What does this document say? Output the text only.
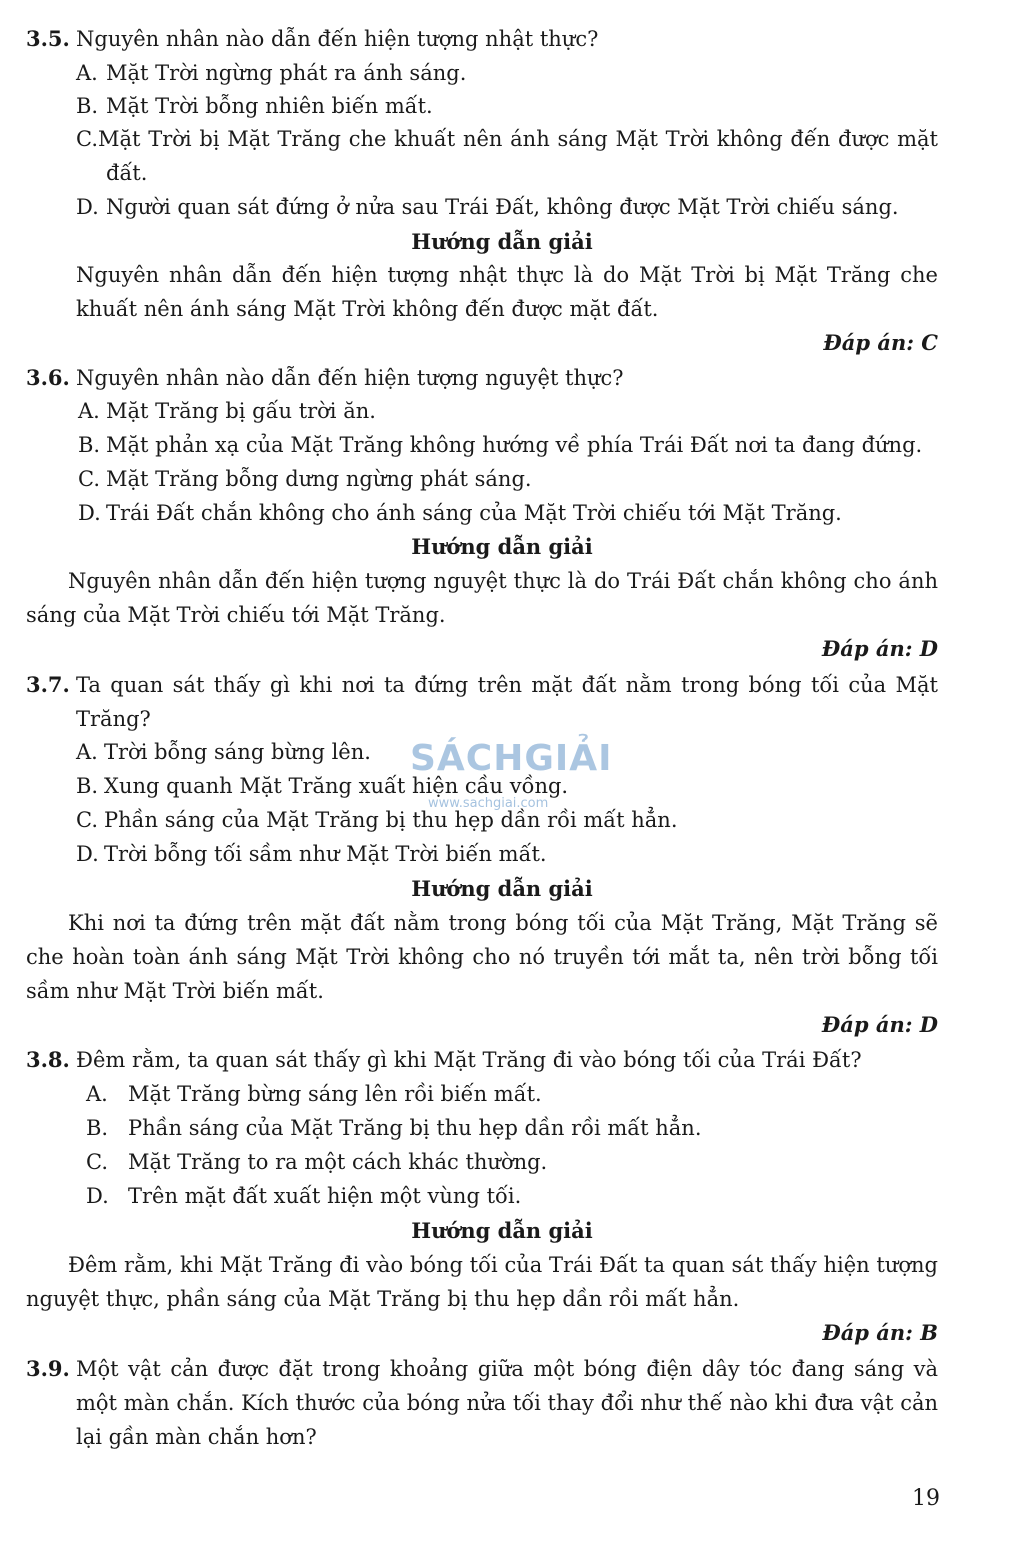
3.5. Nguyên nhân nào dẫn đến hiện tượng nhật thực?
A. Mặt Trời ngừng phát ra ánh sáng.
B. Mặt Trời bỗng nhiên biến mất.
C.Mặt Trời bị Mặt Trăng che khuất nên ánh sáng Mặt Trời không đến được mặt đất.
D. Người quan sát đứng ở nửa sau Trái Đất, không được Mặt Trời chiếu sáng.
Hướng dẫn giải
Nguyên nhân dẫn đến hiện tượng nhật thực là do Mặt Trời bị Mặt Trăng che khuất nên ánh sáng Mặt Trời không đến được mặt đất.
Đáp án: C
3.6. Nguyên nhân nào dẫn đến hiện tượng nguyệt thực?
A. Mặt Trăng bị gấu trời ăn.
B. Mặt phản xạ của Mặt Trăng không hướng về phía Trái Đất nơi ta đang đứng.
C. Mặt Trăng bỗng dưng ngừng phát sáng.
D. Trái Đất chắn không cho ánh sáng của Mặt Trời chiếu tới Mặt Trăng.
Hướng dẫn giải
Nguyên nhân dẫn đến hiện tượng nguyệt thực là do Trái Đất chắn không cho ánh sáng của Mặt Trời chiếu tới Mặt Trăng.
Đáp án: D
3.7. Ta quan sát thấy gì khi nơi ta đứng trên mặt đất nằm trong bóng tối của Mặt Trăng?
A. Trời bỗng sáng bừng lên.
B. Xung quanh Mặt Trăng xuất hiện cầu vồng.
C. Phần sáng của Mặt Trăng bị thu hẹp dần rồi mất hẳn.
D. Trời bỗng tối sầm như Mặt Trời biến mất.
Hướng dẫn giải
Khi nơi ta đứng trên mặt đất nằm trong bóng tối của Mặt Trăng, Mặt Trăng sẽ che hoàn toàn ánh sáng Mặt Trời không cho nó truyền tới mắt ta, nên trời bỗng tối sầm như Mặt Trời biến mất.
Đáp án: D
3.8. Đêm rằm, ta quan sát thấy gì khi Mặt Trăng đi vào bóng tối của Trái Đất?
A. Mặt Trăng bừng sáng lên rồi biến mất.
B. Phần sáng của Mặt Trăng bị thu hẹp dần rồi mất hẳn.
C. Mặt Trăng to ra một cách khác thường.
D. Trên mặt đất xuất hiện một vùng tối.
Hướng dẫn giải
Đêm rằm, khi Mặt Trăng đi vào bóng tối của Trái Đất ta quan sát thấy hiện tượng nguyệt thực, phần sáng của Mặt Trăng bị thu hẹp dần rồi mất hẳn.
Đáp án: B
3.9. Một vật cản được đặt trong khoảng giữa một bóng điện dây tóc đang sáng và một màn chắn. Kích thước của bóng nửa tối thay đổi như thế nào khi đưa vật cản lại gần màn chắn hơn?
SÁCHGIẢI
www.sachgiai.com
19
